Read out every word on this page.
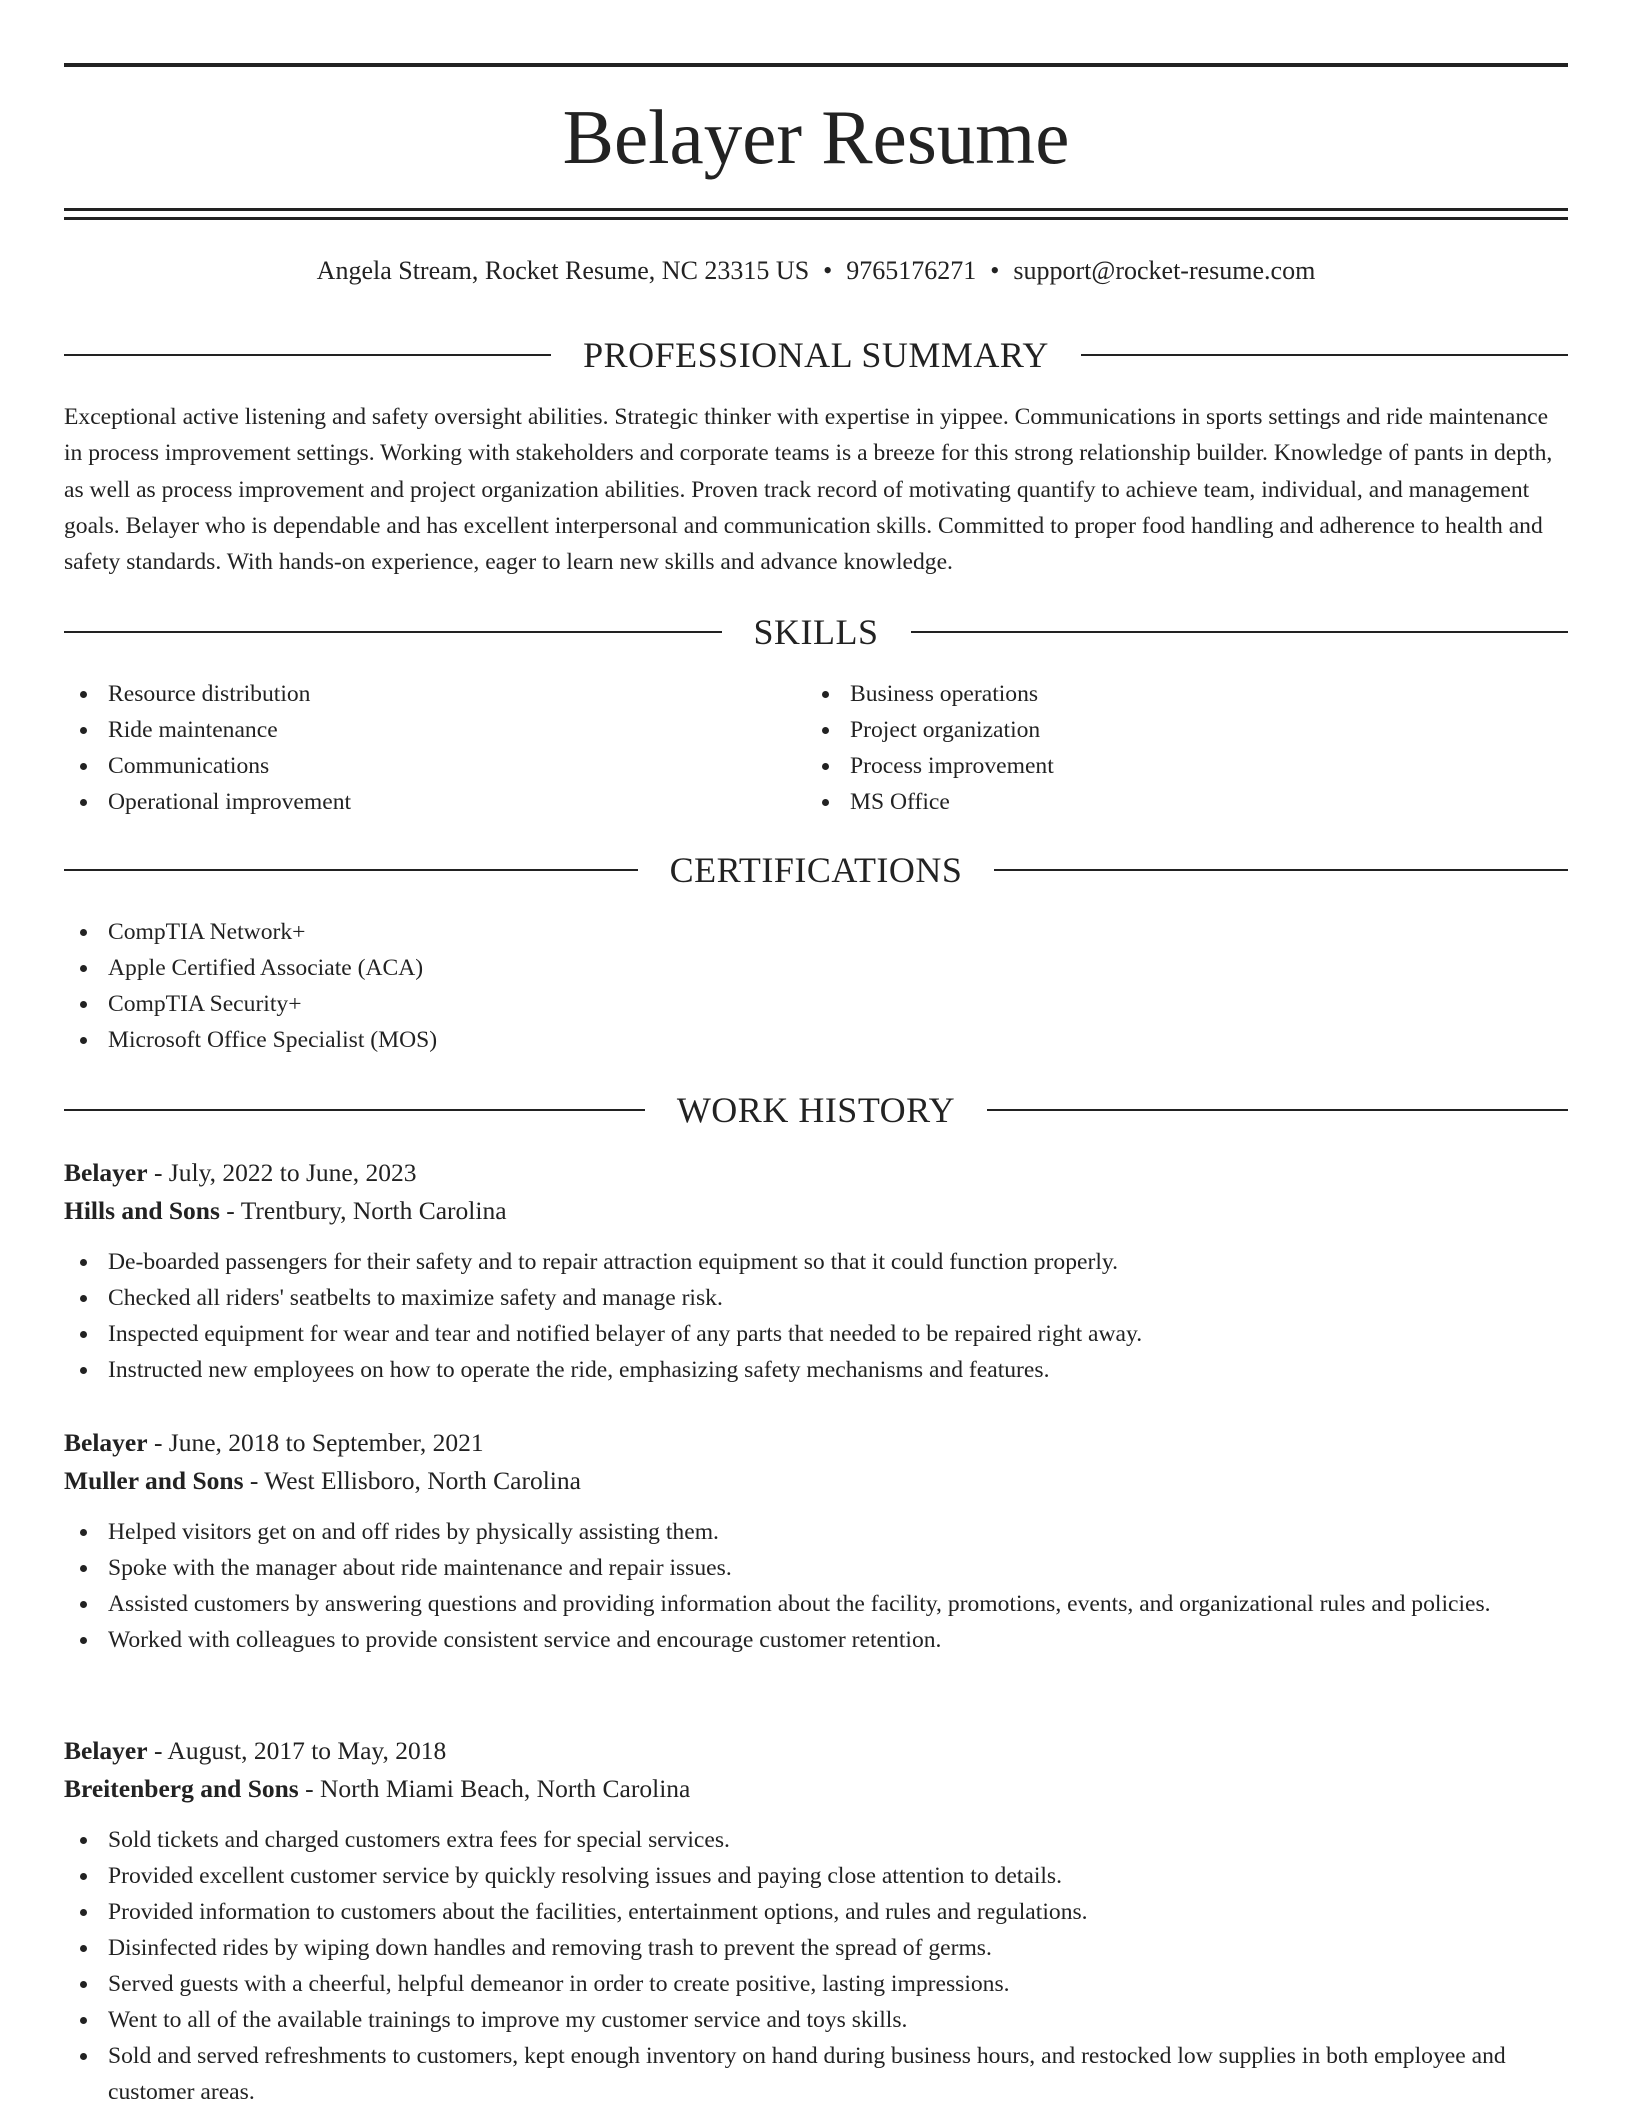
Belayer Resume
Angela Stream, Rocket Resume, NC 23315 US • 9765176271 • support@rocket-resume.com
PROFESSIONAL SUMMARY

Exceptional active listening and safety oversight abilities. Strategic thinker with expertise in yippee. Communications in sports settings and ride maintenance in process improvement settings. Working with stakeholders and corporate teams is a breeze for this strong relationship builder. Knowledge of pants in depth, as well as process improvement and project organization abilities. Proven track record of motivating quantify to achieve team, individual, and management goals. Belayer who is dependable and has excellent interpersonal and communication skills. Committed to proper food handling and adherence to health and safety standards. With hands-on experience, eager to learn new skills and advance knowledge.

SKILLS
Resource distribution
Ride maintenance
Communications
Operational improvement
Business operations
Project organization
Process improvement
MS Office
CERTIFICATIONS
CompTIA Network+
Apple Certified Associate (ACA)
CompTIA Security+
Microsoft Office Specialist (MOS)
WORK HISTORY
Belayer - July, 2022 to June, 2023
Hills and Sons - Trentbury, North Carolina
De-boarded passengers for their safety and to repair attraction equipment so that it could function properly.
Checked all riders' seatbelts to maximize safety and manage risk.
Inspected equipment for wear and tear and notified belayer of any parts that needed to be repaired right away.
Instructed new employees on how to operate the ride, emphasizing safety mechanisms and features.
Belayer - June, 2018 to September, 2021
Muller and Sons - West Ellisboro, North Carolina
Helped visitors get on and off rides by physically assisting them.
Spoke with the manager about ride maintenance and repair issues.
Assisted customers by answering questions and providing information about the facility, promotions, events, and organizational rules and policies.
Worked with colleagues to provide consistent service and encourage customer retention.
Belayer - August, 2017 to May, 2018
Breitenberg and Sons - North Miami Beach, North Carolina
Sold tickets and charged customers extra fees for special services.
Provided excellent customer service by quickly resolving issues and paying close attention to details.
Provided information to customers about the facilities, entertainment options, and rules and regulations.
Disinfected rides by wiping down handles and removing trash to prevent the spread of germs.
Served guests with a cheerful, helpful demeanor in order to create positive, lasting impressions.
Went to all of the available trainings to improve my customer service and toys skills.
Sold and served refreshments to customers, kept enough inventory on hand during business hours, and restocked low supplies in both employee and customer areas.
